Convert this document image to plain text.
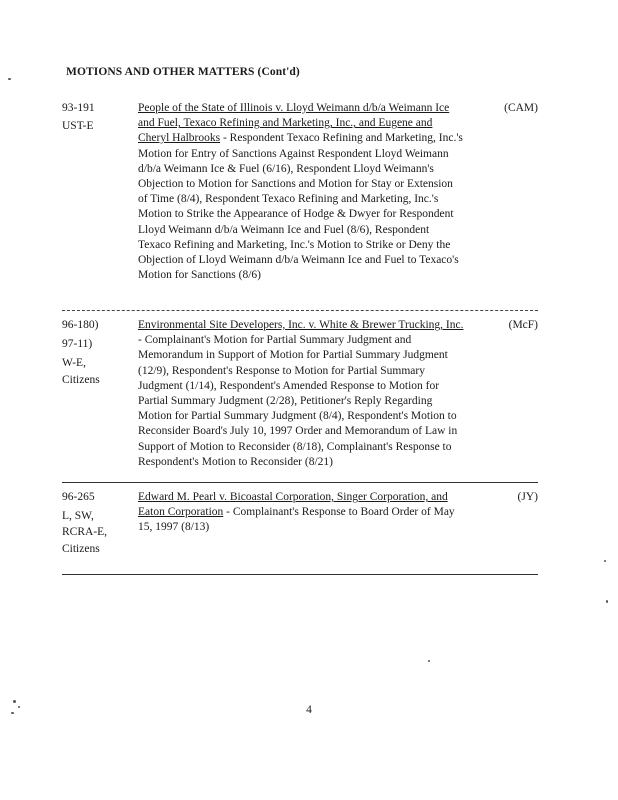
MOTIONS AND OTHER MATTERS (Cont'd)
93-191
UST-E
People of the State of Illinois v. Lloyd Weimann d/b/a Weimann Ice and Fuel, Texaco Refining and Marketing, Inc., and Eugene and Cheryl Halbrooks - Respondent Texaco Refining and Marketing, Inc.'s Motion for Entry of Sanctions Against Respondent Lloyd Weimann d/b/a Weimann Ice & Fuel (6/16), Respondent Lloyd Weimann's Objection to Motion for Sanctions and Motion for Stay or Extension of Time (8/4), Respondent Texaco Refining and Marketing, Inc.'s Motion to Strike the Appearance of Hodge & Dwyer for Respondent Lloyd Weimann d/b/a Weimann Ice and Fuel (8/6), Respondent Texaco Refining and Marketing, Inc.'s Motion to Strike or Deny the Objection of Lloyd Weimann d/b/a Weimann Ice and Fuel to Texaco's Motion for Sanctions (8/6)
(CAM)
96-180)
97-11)
W-E,
Citizens
Environmental Site Developers, Inc. v. White & Brewer Trucking, Inc. - Complainant's Motion for Partial Summary Judgment and Memorandum in Support of Motion for Partial Summary Judgment (12/9), Respondent's Response to Motion for Partial Summary Judgment (1/14), Respondent's Amended Response to Motion for Partial Summary Judgment (2/28), Petitioner's Reply Regarding Motion for Partial Summary Judgment (8/4), Respondent's Motion to Reconsider Board's July 10, 1997 Order and Memorandum of Law in Support of Motion to Reconsider (8/18), Complainant's Response to Respondent's Motion to Reconsider (8/21)
(McF)
96-265
L, SW,
RCRA-E,
Citizens
Edward M. Pearl v. Bicoastal Corporation, Singer Corporation, and Eaton Corporation - Complainant's Response to Board Order of May 15, 1997 (8/13)
(JY)
4
